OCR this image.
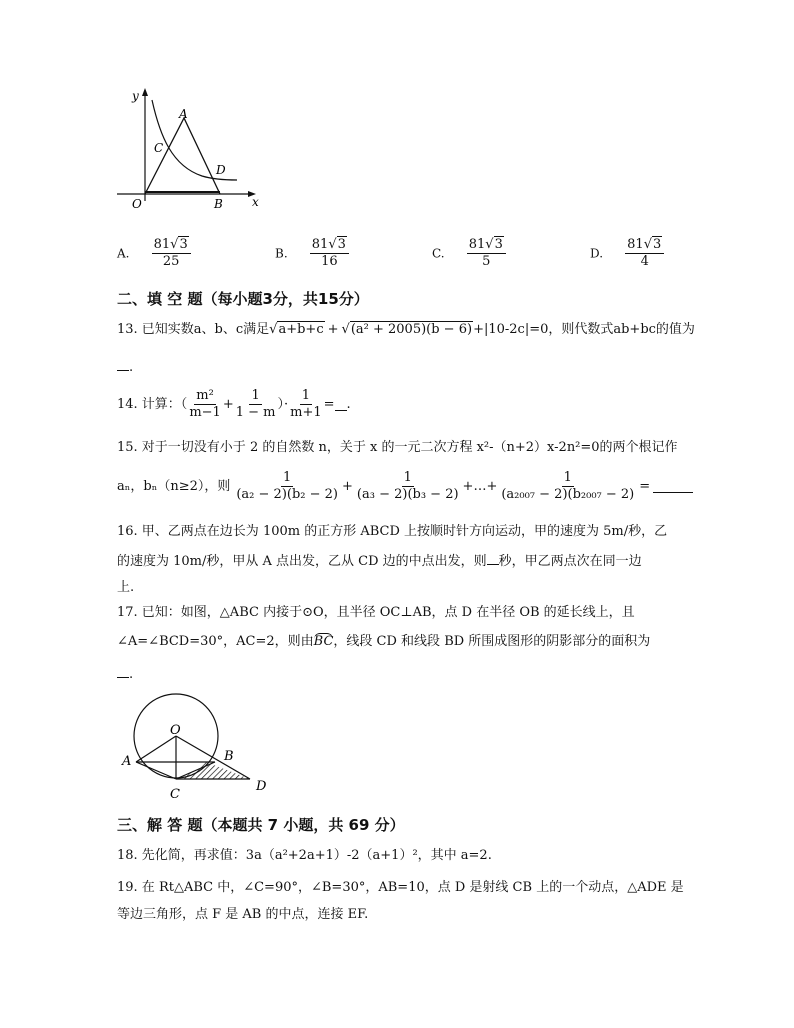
y
A
C
D
O	B x
A. $\frac{81√3}{25}$	B. $\frac{81√3}{16}$	C. $\frac{81√3}{5}$	D. $\frac{81√3}{4}$
二、填 空 题（每小题3分，共15分）
13. 已知实数a、b、c满足√a+b+c + √(a² + 2005)(b − 6)+|10-2c|=0，则代数式ab+bc的值为
.
14. 计算：（ $\frac{\text{m²}}{m-1} + \frac{1}{1 - m}$ ）· $\frac{1}{m+1}$ = .
15. 对于一切没有小于 2 的自然数 n，关于 x 的一元二次方程 x²-（n+2）x-2n²=0的两个根记作
aₙ，bₙ（n≥2），则 $\frac{1}{\text{(a₂ − 2)(b₂ − 2)}} + \frac{1}{\text{(a₃ − 2)(b₃ − 2)}}$ +…+ $\frac{1}{\text{(a₂₀₀₇ − 2)(b₂₀₀₇ − 2)}}$ =
16. 甲、乙两点在边长为 100m 的正方形 ABCD 上按顺时针方向运动，甲的速度为 5m/秒，乙
的速度为 10m/秒，甲从 A 点出发，乙从 CD 边的中点出发，则 秒，甲乙两点次在同一边
上.
17. 已知：如图，△ABC 内接于⊙O，且半径 OC⊥AB，点 D 在半径 OB 的延长线上，且
∠A=∠BCD=30°，AC=2，则由BC，线段 CD 和线段 BD 所围成图形的阴影部分的面积为
.
O
A	B
C
D
三、解 答 题（本题共 7 小题，共 69 分）
18. 先化简，再求值：3a（a²+2a+1）-2（a+1）²，其中 a=2.
19. 在 Rt△ABC 中，∠C=90°，∠B=30°，AB=10，点 D 是射线 CB 上的一个动点，△ADE 是
等边三角形，点 F 是 AB 的中点，连接 EF.
